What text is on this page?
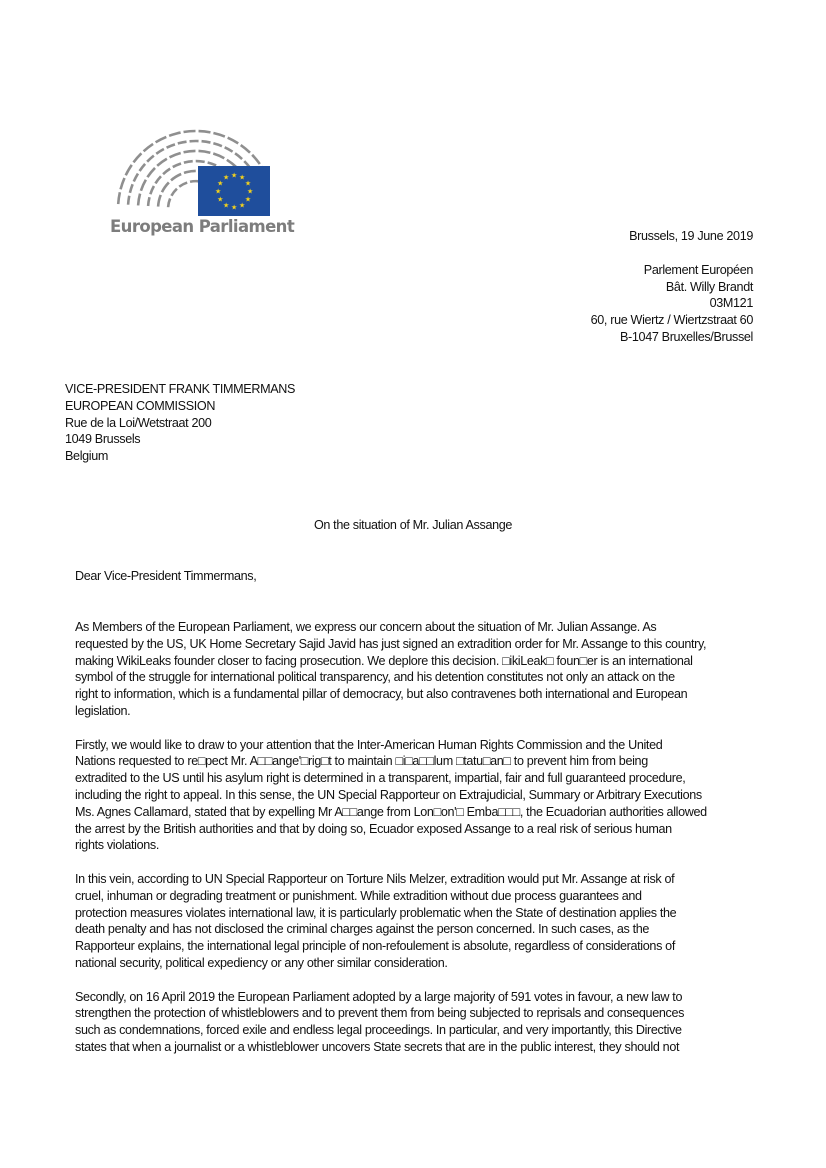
★ ★
★
★
★
★
★
★
★
★
★
★
European Parliament	Brussels, 19 June 2019
Parlement Européen
Bât. Willy Brandt
03M121
60, rue Wiertz / Wiertzstraat 60
B-1047 Bruxelles/Brussel
VICE-PRESIDENT FRANK TIMMERMANS
EUROPEAN COMMISSION
Rue de la Loi/Wetstraat 200
1049 Brussels
Belgium
On the situation of Mr. Julian Assange
Dear Vice-President Timmermans,

As Members of the European Parliament, we express our concern about the situation of Mr. Julian Assange. As
requested by the US, UK Home Secretary Sajid Javid has just signed an extradition order for Mr. Assange to this country,
making WikiLeaks founder closer to facing prosecution. We deplore this decision. □ikiLeak□ foun□er is an international
symbol of the struggle for international political transparency, and his detention constitutes not only an attack on the
right to information, which is a fundamental pillar of democracy, but also contravenes both international and European
legislation.

Firstly, we would like to draw to your attention that the Inter-American Human Rights Commission and the United
Nations requested to re□pect Mr. A□□ange'□rig□t to maintain □i□a□□lum □tatu□an□ to prevent him from being
extradited to the US until his asylum right is determined in a transparent, impartial, fair and full guaranteed procedure,
including the right to appeal. In this sense, the UN Special Rapporteur on Extrajudicial, Summary or Arbitrary Executions
Ms. Agnes Callamard, stated that by expelling Mr A□□ange from Lon□on'□ Emba□□□, the Ecuadorian authorities allowed
the arrest by the British authorities and that by doing so, Ecuador exposed Assange to a real risk of serious human
rights violations.

In this vein, according to UN Special Rapporteur on Torture Nils Melzer, extradition would put Mr. Assange at risk of
cruel, inhuman or degrading treatment or punishment. While extradition without due process guarantees and
protection measures violates international law, it is particularly problematic when the State of destination applies the
death penalty and has not disclosed the criminal charges against the person concerned. In such cases, as the
Rapporteur explains, the international legal principle of non-refoulement is absolute, regardless of considerations of
national security, political expediency or any other similar consideration.

Secondly, on 16 April 2019 the European Parliament adopted by a large majority of 591 votes in favour, a new law to
strengthen the protection of whistleblowers and to prevent them from being subjected to reprisals and consequences
such as condemnations, forced exile and endless legal proceedings. In particular, and very importantly, this Directive
states that when a journalist or a whistleblower uncovers State secrets that are in the public interest, they should not
